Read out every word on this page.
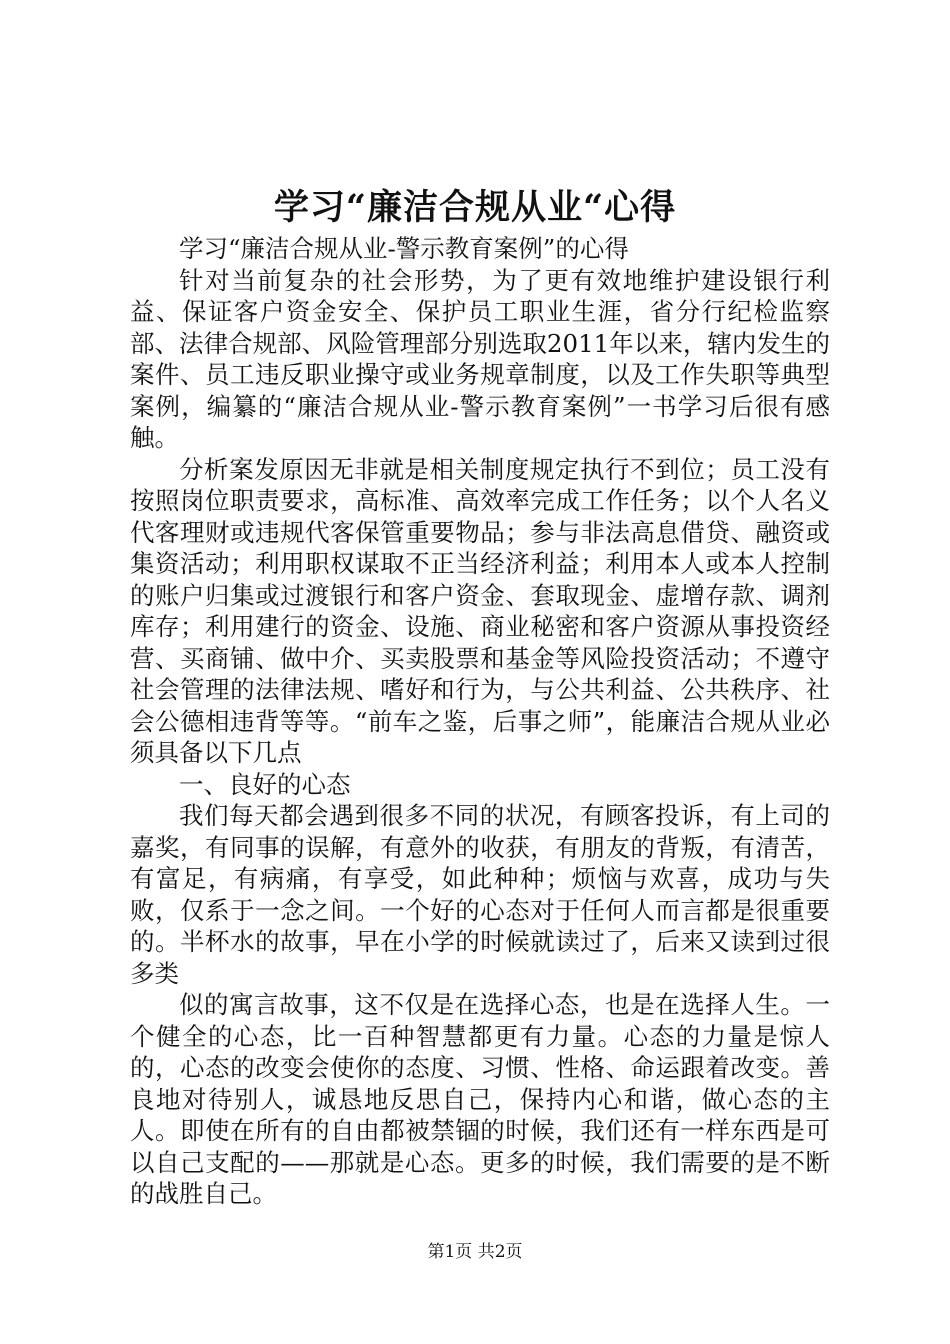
学习“廉洁合规从业“心得

学习“廉洁合规从业-警示教育案例”的心得

针对当前复杂的社会形势，为了更有效地维护建设银行利益、保证客户资金安全、保护员工职业生涯，省分行纪检监察部、法律合规部、风险管理部分别选取2011年以来，辖内发生的案件、员工违反职业操守或业务规章制度，以及工作失职等典型案例，编纂的“廉洁合规从业-警示教育案例”一书学习后很有感触。

分析案发原因无非就是相关制度规定执行不到位；员工没有按照岗位职责要求，高标准、高效率完成工作任务；以个人名义代客理财或违规代客保管重要物品；参与非法高息借贷、融资或集资活动；利用职权谋取不正当经济利益；利用本人或本人控制的账户归集或过渡银行和客户资金、套取现金、虚增存款、调剂库存；利用建行的资金、设施、商业秘密和客户资源从事投资经营、买商铺、做中介、买卖股票和基金等风险投资活动；不遵守社会管理的法律法规、嗜好和行为，与公共利益、公共秩序、社会公德相违背等等。“前车之鉴，后事之师”，能廉洁合规从业必须具备以下几点

一、良好的心态

我们每天都会遇到很多不同的状况，有顾客投诉，有上司的嘉奖，有同事的误解，有意外的收获，有朋友的背叛，有清苦，有富足，有病痛，有享受，如此种种；烦恼与欢喜，成功与失败，仅系于一念之间。一个好的心态对于任何人而言都是很重要的。半杯水的故事，早在小学的时候就读过了，后来又读到过很多类

似的寓言故事，这不仅是在选择心态，也是在选择人生。一个健全的心态，比一百种智慧都更有力量。心态的力量是惊人的，心态的改变会使你的态度、习惯、性格、命运跟着改变。善良地对待别人，诚恳地反思自己，保持内心和谐，做心态的主人。即使在所有的自由都被禁锢的时候，我们还有一样东西是可以自己支配的——那就是心态。更多的时候，我们需要的是不断的战胜自己。

第1页 共2页
